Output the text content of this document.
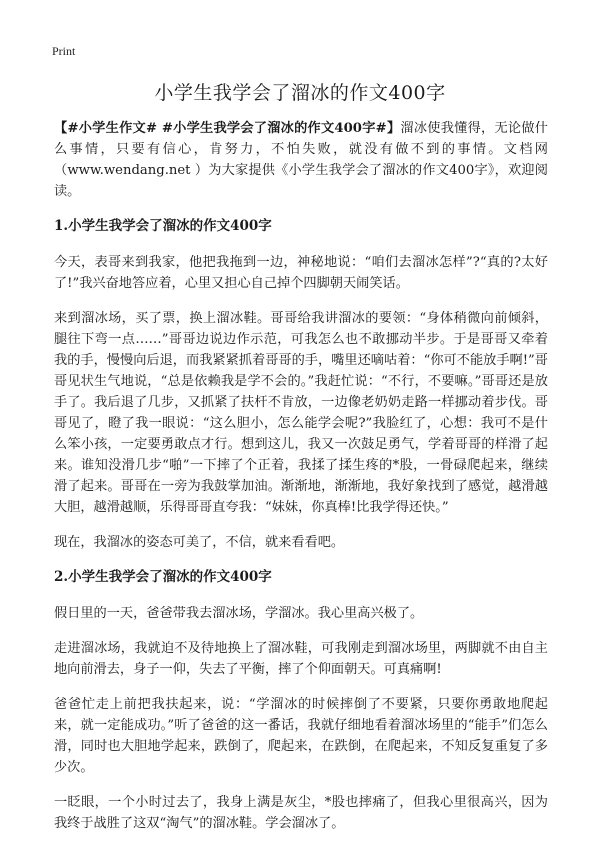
Print
小学生我学会了溜冰的作文400字

【#小学生作文# #小学生我学会了溜冰的作文400字#】溜冰使我懂得，无论做什么事情，只要有信心，肯努力，不怕失败，就没有做不到的事情。文档网（www.wendang.net ）为大家提供《小学生我学会了溜冰的作文400字》，欢迎阅读。

1.小学生我学会了溜冰的作文400字

今天，表哥来到我家，他把我拖到一边，神秘地说：“咱们去溜冰怎样”?“真的?太好了!”我兴奋地答应着，心里又担心自己掉个四脚朝天闹笑话。

来到溜冰场，买了票，换上溜冰鞋。哥哥给我讲溜冰的要领：“身体稍微向前倾斜，腿往下弯一点……”哥哥边说边作示范，可我怎么也不敢挪动半步。于是哥哥又牵着我的手，慢慢向后退，而我紧紧抓着哥哥的手，嘴里还嘀咕着：“你可不能放手啊!”哥哥见状生气地说，“总是依赖我是学不会的。”我赶忙说：“不行，不要嘛。”哥哥还是放手了。我后退了几步，又抓紧了扶杆不肯放，一边像老奶奶走路一样挪动着步伐。哥哥见了，瞪了我一眼说：“这么胆小，怎么能学会呢?”我脸红了，心想：我可不是什么笨小孩，一定要勇敢点才行。想到这儿，我又一次鼓足勇气，学着哥哥的样滑了起来。谁知没滑几步“啪”一下摔了个正着，我揉了揉生疼的*股，一骨碌爬起来，继续滑了起来。哥哥在一旁为我鼓掌加油。渐渐地，渐渐地，我好象找到了感觉，越滑越大胆，越滑越顺，乐得哥哥直夸我：“妹妹，你真棒!比我学得还快。”

现在，我溜冰的姿态可美了，不信，就来看看吧。

2.小学生我学会了溜冰的作文400字

假日里的一天，爸爸带我去溜冰场，学溜冰。我心里高兴极了。

走进溜冰场，我就迫不及待地换上了溜冰鞋，可我刚走到溜冰场里，两脚就不由自主地向前滑去，身子一仰，失去了平衡，摔了个仰面朝天。可真痛啊!

爸爸忙走上前把我扶起来，说：“学溜冰的时候摔倒了不要紧，只要你勇敢地爬起来，就一定能成功。”听了爸爸的这一番话，我就仔细地看着溜冰场里的“能手”们怎么滑，同时也大胆地学起来，跌倒了，爬起来，在跌倒，在爬起来，不知反复重复了多少次。

一眨眼，一个小时过去了，我身上满是灰尘，*股也摔痛了，但我心里很高兴，因为我终于战胜了这双“淘气”的溜冰鞋。学会溜冰了。
